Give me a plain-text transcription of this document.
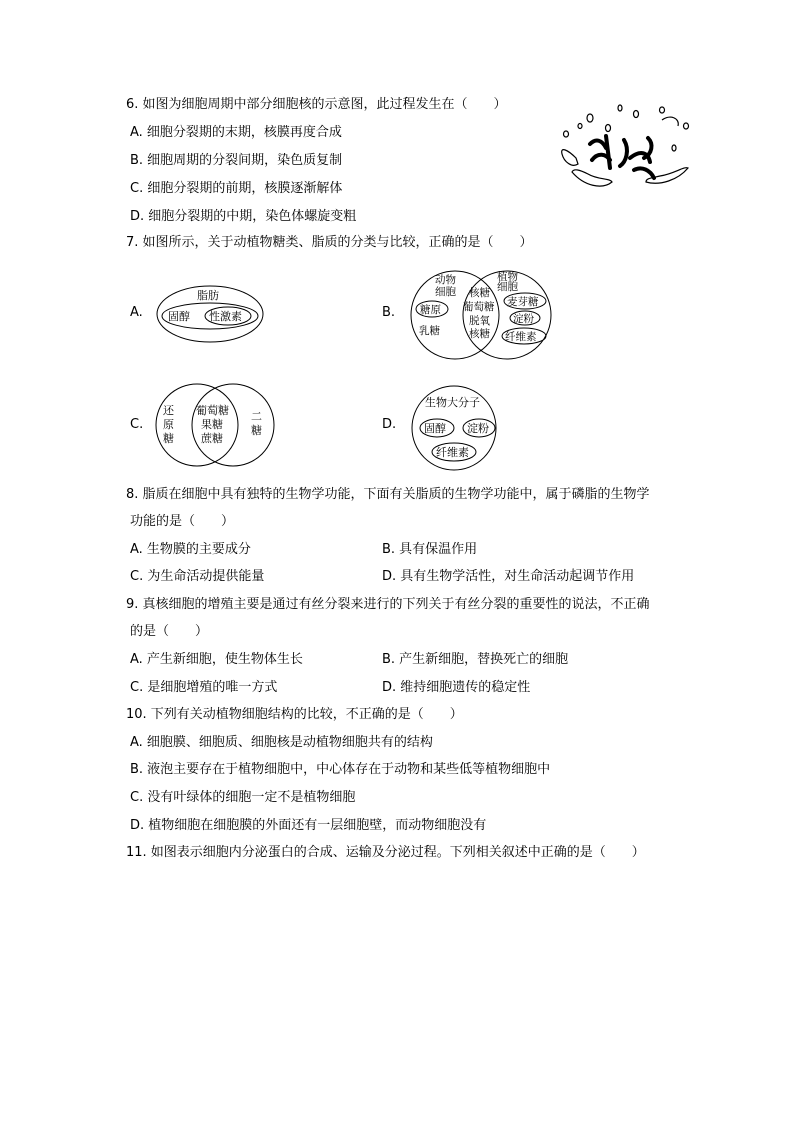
6. 如图为细胞周期中部分细胞核的示意图，此过程发生在（　　）
A. 细胞分裂期的末期，核膜再度合成
B. 细胞周期的分裂间期，染色质复制
C. 细胞分裂期的前期，核膜逐渐解体
D. 细胞分裂期的中期，染色体螺旋变粗
7. 如图所示，关于动植物糖类、脂质的分类与比较，正确的是（　　）
A.
脂肪
固醇 性激素	B.
动物
细胞
植物
细胞
糖原
乳糖
核糖
葡萄糖
脱氧
核糖
麦芽糖
淀粉
纤维素
C.
还
原
糖
葡萄糖
果糖
蔗糖
二
糖	D.
生物大分子
固醇 淀粉
纤维素
8. 脂质在细胞中具有独特的生物学功能，下面有关脂质的生物学功能中，属于磷脂的生物学
功能的是（　　）
A. 生物膜的主要成分	B. 具有保温作用
C. 为生命活动提供能量	D. 具有生物学活性，对生命活动起调节作用
9. 真核细胞的增殖主要是通过有丝分裂来进行的下列关于有丝分裂的重要性的说法，不正确
的是（　　）
A. 产生新细胞，使生物体生长	B. 产生新细胞，替换死亡的细胞
C. 是细胞增殖的唯一方式	D. 维持细胞遗传的稳定性
10. 下列有关动植物细胞结构的比较，不正确的是（　　）
A. 细胞膜、细胞质、细胞核是动植物细胞共有的结构
B. 液泡主要存在于植物细胞中，中心体存在于动物和某些低等植物细胞中
C. 没有叶绿体的细胞一定不是植物细胞
D. 植物细胞在细胞膜的外面还有一层细胞壁，而动物细胞没有
11. 如图表示细胞内分泌蛋白的合成、运输及分泌过程。下列相关叙述中正确的是（　　）
